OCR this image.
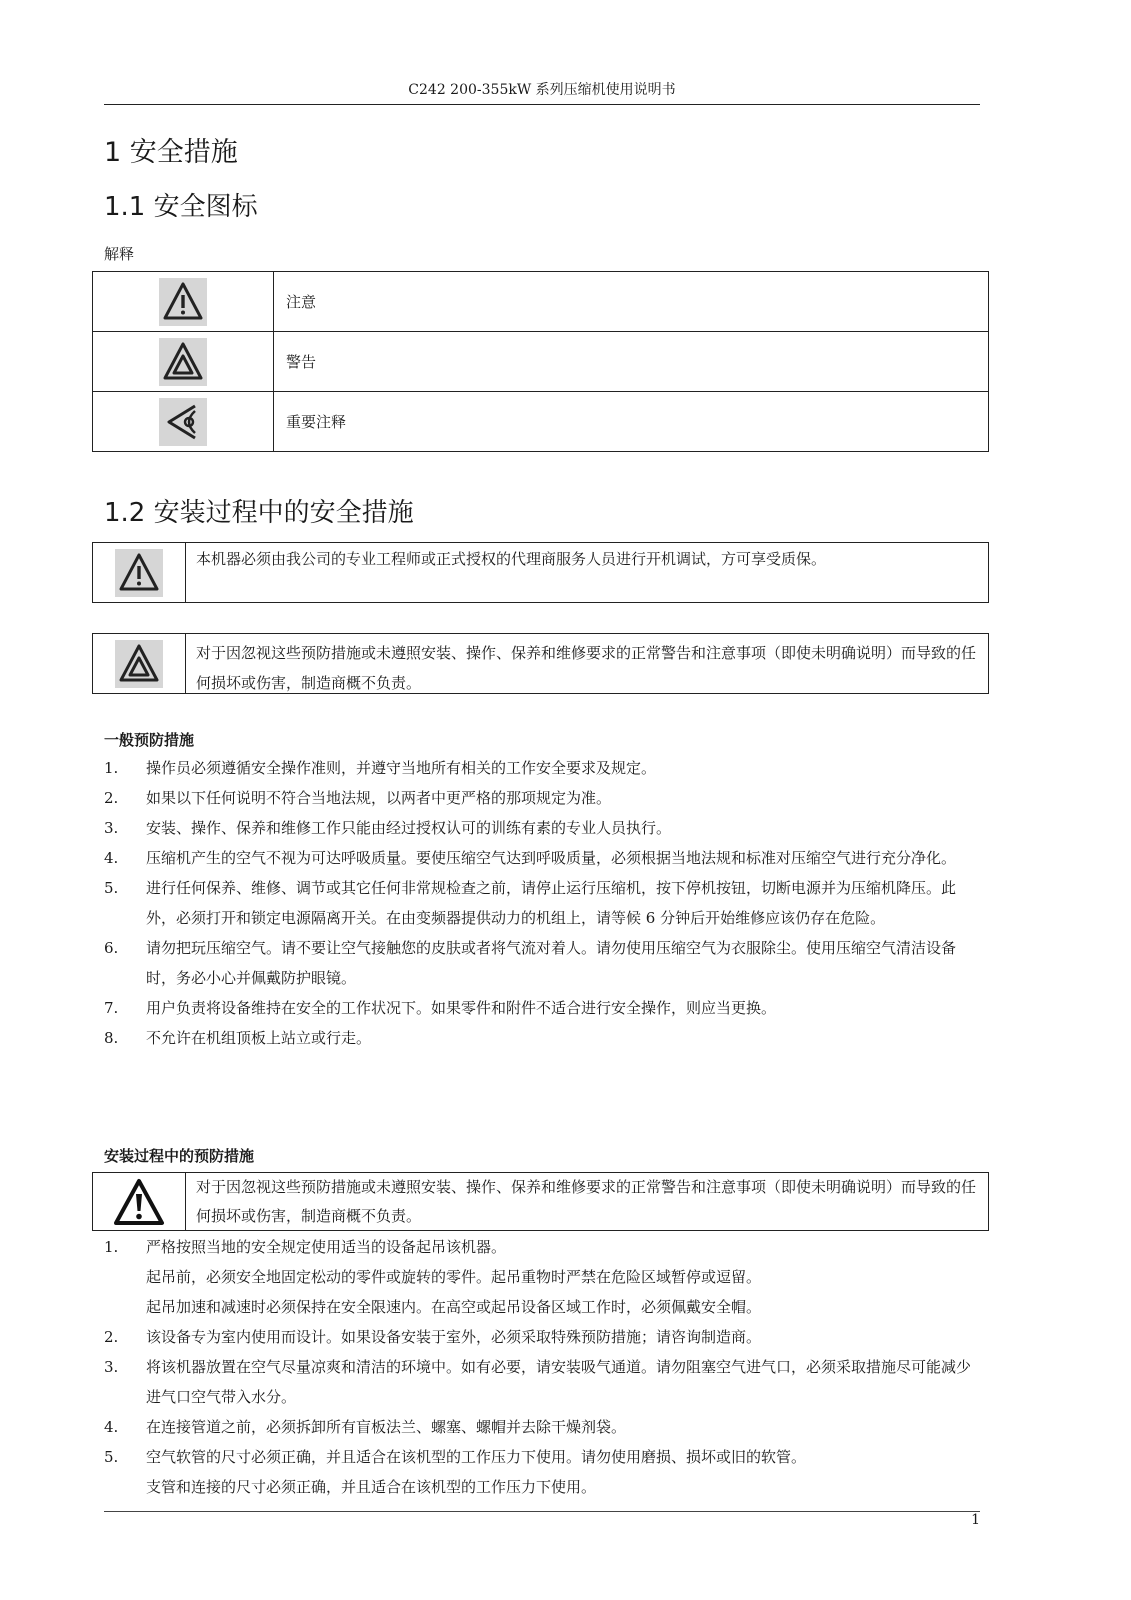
C242 200-355kW 系列压缩机使用说明书
1 安全措施
1.1 安全图标
解释
	注意

	警告

	重要注释
1.2 安装过程中的安全措施
本机器必须由我公司的专业工程师或正式授权的代理商服务人员进行开机调试，方可享受质保。
对于因忽视这些预防措施或未遵照安装、操作、保养和维修要求的正常警告和注意事项（即使未明确说明）而导致的任何损坏或伤害，制造商概不负责。
一般预防措施
1.	操作员必须遵循安全操作准则，并遵守当地所有相关的工作安全要求及规定。
2.	如果以下任何说明不符合当地法规，以两者中更严格的那项规定为准。
3.	安装、操作、保养和维修工作只能由经过授权认可的训练有素的专业人员执行。
4.	压缩机产生的空气不视为可达呼吸质量。要使压缩空气达到呼吸质量，必须根据当地法规和标准对压缩空气进行充分净化。
5.	进行任何保养、维修、调节或其它任何非常规检查之前，请停止运行压缩机，按下停机按钮，切断电源并为压缩机降压。此外，必须打开和锁定电源隔离开关。在由变频器提供动力的机组上，请等候 6 分钟后开始维修应该仍存在危险。
6.	请勿把玩压缩空气。请不要让空气接触您的皮肤或者将气流对着人。请勿使用压缩空气为衣服除尘。使用压缩空气清洁设备时，务必小心并佩戴防护眼镜。
7.	用户负责将设备维持在安全的工作状况下。如果零件和附件不适合进行安全操作，则应当更换。
8.	不允许在机组顶板上站立或行走。
安装过程中的预防措施
对于因忽视这些预防措施或未遵照安装、操作、保养和维修要求的正常警告和注意事项（即使未明确说明）而导致的任何损坏或伤害，制造商概不负责。
1.	严格按照当地的安全规定使用适当的设备起吊该机器。
起吊前，必须安全地固定松动的零件或旋转的零件。起吊重物时严禁在危险区域暂停或逗留。
起吊加速和减速时必须保持在安全限速内。在高空或起吊设备区域工作时，必须佩戴安全帽。
2.	该设备专为室内使用而设计。如果设备安装于室外，必须采取特殊预防措施；请咨询制造商。
3.	将该机器放置在空气尽量凉爽和清洁的环境中。如有必要，请安装吸气通道。请勿阻塞空气进气口，必须采取措施尽可能减少进气口空气带入水分。
4.	在连接管道之前，必须拆卸所有盲板法兰、螺塞、螺帽并去除干燥剂袋。
5.	空气软管的尺寸必须正确，并且适合在该机型的工作压力下使用。请勿使用磨损、损坏或旧的软管。
支管和连接的尺寸必须正确，并且适合在该机型的工作压力下使用。
1
